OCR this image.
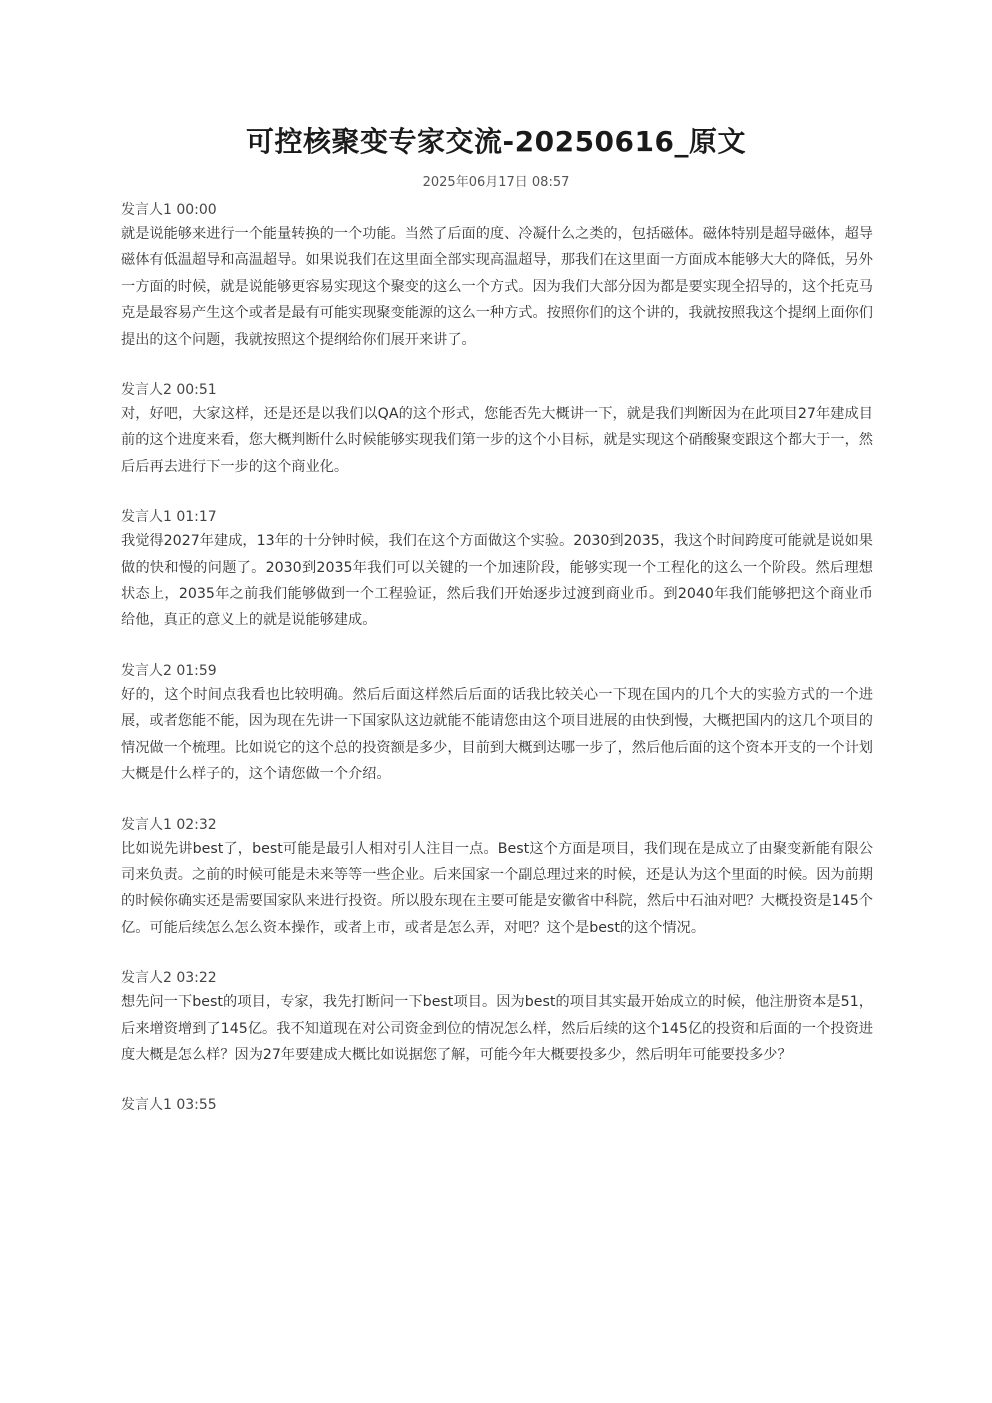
可控核聚变专家交流-20250616_原文
2025年06月17日 08:57

发言人1 00:00

就是说能够来进行一个能量转换的一个功能。当然了后面的度、冷凝什么之类的，包括磁体。磁体特别是超导磁体，超导磁体有低温超导和高温超导。如果说我们在这里面全部实现高温超导，那我们在这里面一方面成本能够大大的降低，另外一方面的时候，就是说能够更容易实现这个聚变的这么一个方式。因为我们大部分因为都是要实现全招导的，这个托克马克是最容易产生这个或者是最有可能实现聚变能源的这么一种方式。按照你们的这个讲的，我就按照我这个提纲上面你们提出的这个问题，我就按照这个提纲给你们展开来讲了。

发言人2 00:51

对，好吧，大家这样，还是还是以我们以QA的这个形式，您能否先大概讲一下，就是我们判断因为在此项目27年建成目前的这个进度来看，您大概判断什么时候能够实现我们第一步的这个小目标，就是实现这个硝酸聚变跟这个都大于一，然后后再去进行下一步的这个商业化。

发言人1 01:17

我觉得2027年建成，13年的十分钟时候，我们在这个方面做这个实验。2030到2035，我这个时间跨度可能就是说如果做的快和慢的问题了。2030到2035年我们可以关键的一个加速阶段，能够实现一个工程化的这么一个阶段。然后理想状态上，2035年之前我们能够做到一个工程验证，然后我们开始逐步过渡到商业币。到2040年我们能够把这个商业币给他，真正的意义上的就是说能够建成。

发言人2 01:59

好的，这个时间点我看也比较明确。然后后面这样然后后面的话我比较关心一下现在国内的几个大的实验方式的一个进展，或者您能不能，因为现在先讲一下国家队这边就能不能请您由这个项目进展的由快到慢，大概把国内的这几个项目的情况做一个梳理。比如说它的这个总的投资额是多少，目前到大概到达哪一步了，然后他后面的这个资本开支的一个计划大概是什么样子的，这个请您做一个介绍。

发言人1 02:32

比如说先讲best了，best可能是最引人相对引人注目一点。Best这个方面是项目，我们现在是成立了由聚变新能有限公司来负责。之前的时候可能是未来等等一些企业。后来国家一个副总理过来的时候，还是认为这个里面的时候。因为前期的时候你确实还是需要国家队来进行投资。所以股东现在主要可能是安徽省中科院，然后中石油对吧？大概投资是145个亿。可能后续怎么怎么资本操作，或者上市，或者是怎么弄，对吧？这个是best的这个情况。

发言人2 03:22

想先问一下best的项目，专家，我先打断问一下best项目。因为best的项目其实最开始成立的时候，他注册资本是51，后来增资增到了145亿。我不知道现在对公司资金到位的情况怎么样，然后后续的这个145亿的投资和后面的一个投资进度大概是怎么样？因为27年要建成大概比如说据您了解，可能今年大概要投多少，然后明年可能要投多少？

发言人1 03:55
